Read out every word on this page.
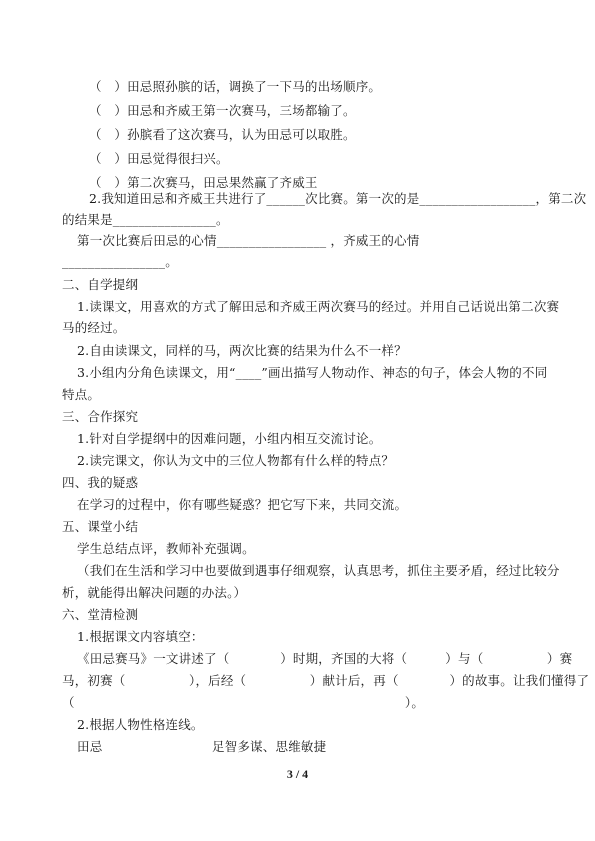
（　）田忌照孙膑的话，调换了一下马的出场顺序。
（　）田忌和齐威王第一次赛马，三场都输了。
（　）孙膑看了这次赛马，认为田忌可以取胜。
（　）田忌觉得很扫兴。
（　）第二次赛马，田忌果然赢了齐威王
2.我知道田忌和齐威王共进行了______次比赛。第一次的是__________________，第二次
的结果是________________。
第一次比赛后田忌的心情_________________ ，齐威王的心情
________________。
二、自学提纲
1.读课文，用喜欢的方式了解田忌和齐威王两次赛马的经过。并用自己话说出第二次赛
马的经过。
2.自由读课文，同样的马，两次比赛的结果为什么不一样？
3.小组内分角色读课文，用“____”画出描写人物动作、神态的句子，体会人物的不同
特点。
三、合作探究
1.针对自学提纲中的因难问题，小组内相互交流讨论。
2.读完课文，你认为文中的三位人物都有什么样的特点？
四、我的疑惑
在学习的过程中，你有哪些疑惑？把它写下来，共同交流。
五、课堂小结
学生总结点评，教师补充强调。
（我们在生活和学习中也要做到遇事仔细观察，认真思考，抓住主要矛盾，经过比较分
析，就能得出解决问题的办法。）
六、堂清检测
1.根据课文内容填空：
《田忌赛马》一文讲述了（　　　　）时期，齐国的大将（　　　）与（　　　　　）赛
马，初赛（　　　　　），后经（　　　　　）献计后，再（　　　　）的故事。让我们懂得了
（　　　　　　　　　　　　　　　　　　　　　　　　　　）。
2.根据人物性格连线。
田忌	足智多谋、思维敏捷
3 / 4
